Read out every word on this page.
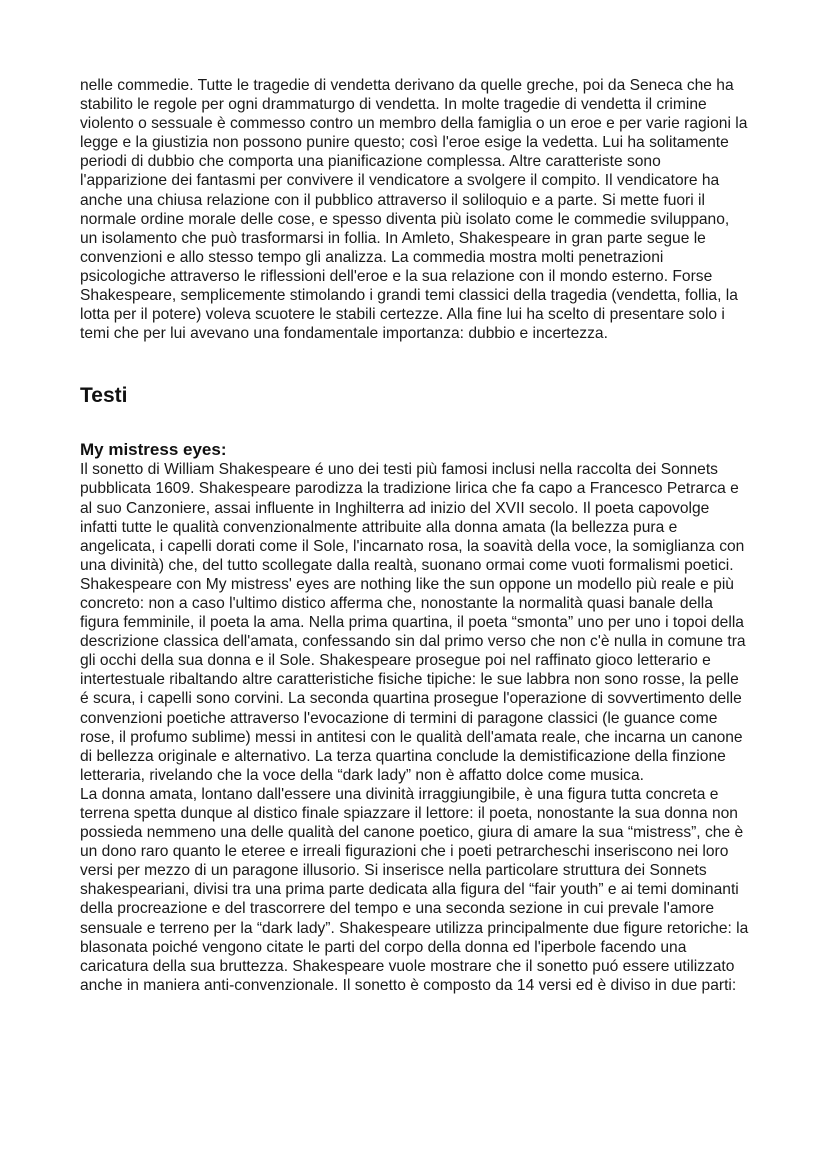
nelle commedie. Tutte le tragedie di vendetta derivano da quelle greche, poi da Seneca che ha stabilito le regole per ogni drammaturgo di vendetta. In molte tragedie di vendetta il crimine violento o sessuale è commesso contro un membro della famiglia o un eroe e per varie ragioni la legge e la giustizia non possono punire questo; così l'eroe esige la vedetta. Lui ha solitamente periodi di dubbio che comporta una pianificazione complessa. Altre caratteriste sono l'apparizione dei fantasmi per convivere il vendicatore a svolgere il compito. Il vendicatore ha anche una chiusa relazione con il pubblico attraverso il soliloquio e a parte. Si mette fuori il normale ordine morale delle cose, e spesso diventa più isolato come le commedie sviluppano, un isolamento che può trasformarsi in follia. In Amleto, Shakespeare in gran parte segue le convenzioni e allo stesso tempo gli analizza. La commedia mostra molti penetrazioni psicologiche attraverso le riflessioni dell'eroe e la sua relazione con il mondo esterno. Forse Shakespeare, semplicemente stimolando i grandi temi classici della tragedia (vendetta, follia, la lotta per il potere) voleva scuotere le stabili certezze. Alla fine lui ha scelto di presentare solo i temi che per lui avevano una fondamentale importanza: dubbio e incertezza.

Testi
My mistress eyes:

Il sonetto di William Shakespeare é uno dei testi più famosi inclusi nella raccolta dei Sonnets pubblicata 1609. Shakespeare parodizza la tradizione lirica che fa capo a Francesco Petrarca e al suo Canzoniere, assai influente in Inghilterra ad inizio del XVII secolo. Il poeta capovolge infatti tutte le qualità convenzionalmente attribuite alla donna amata (la bellezza pura e angelicata, i capelli dorati come il Sole, l'incarnato rosa, la soavità della voce, la somiglianza con una divinità) che, del tutto scollegate dalla realtà, suonano ormai come vuoti formalismi poetici. Shakespeare con My mistress' eyes are nothing like the sun oppone un modello più reale e più concreto: non a caso l'ultimo distico afferma che, nonostante la normalità quasi banale della figura femminile, il poeta la ama. Nella prima quartina, il poeta “smonta” uno per uno i topoi della descrizione classica dell'amata, confessando sin dal primo verso che non c'è nulla in comune tra gli occhi della sua donna e il Sole. Shakespeare prosegue poi nel raffinato gioco letterario e intertestuale ribaltando altre caratteristiche fisiche tipiche: le sue labbra non sono rosse, la pelle é scura, i capelli sono corvini. La seconda quartina prosegue l'operazione di sovvertimento delle convenzioni poetiche attraverso l'evocazione di termini di paragone classici (le guance come rose, il profumo sublime) messi in antitesi con le qualità dell'amata reale, che incarna un canone di bellezza originale e alternativo. La terza quartina conclude la demistificazione della finzione letteraria, rivelando che la voce della “dark lady” non è affatto dolce come musica.

La donna amata, lontano dall'essere una divinità irraggiungibile, è una figura tutta concreta e terrena spetta dunque al distico finale spiazzare il lettore: il poeta, nonostante la sua donna non possieda nemmeno una delle qualità del canone poetico, giura di amare la sua “mistress”, che è un dono raro quanto le eteree e irreali figurazioni che i poeti petrarcheschi inseriscono nei loro versi per mezzo di un paragone illusorio. Si inserisce nella particolare struttura dei Sonnets shakespeariani, divisi tra una prima parte dedicata alla figura del “fair youth” e ai temi dominanti della procreazione e del trascorrere del tempo e una seconda sezione in cui prevale l'amore sensuale e terreno per la “dark lady”. Shakespeare utilizza principalmente due figure retoriche: la blasonata poiché vengono citate le parti del corpo della donna ed l'iperbole facendo una caricatura della sua bruttezza. Shakespeare vuole mostrare che il sonetto puó essere utilizzato anche in maniera anti-convenzionale. Il sonetto è composto da 14 versi ed è diviso in due parti:
